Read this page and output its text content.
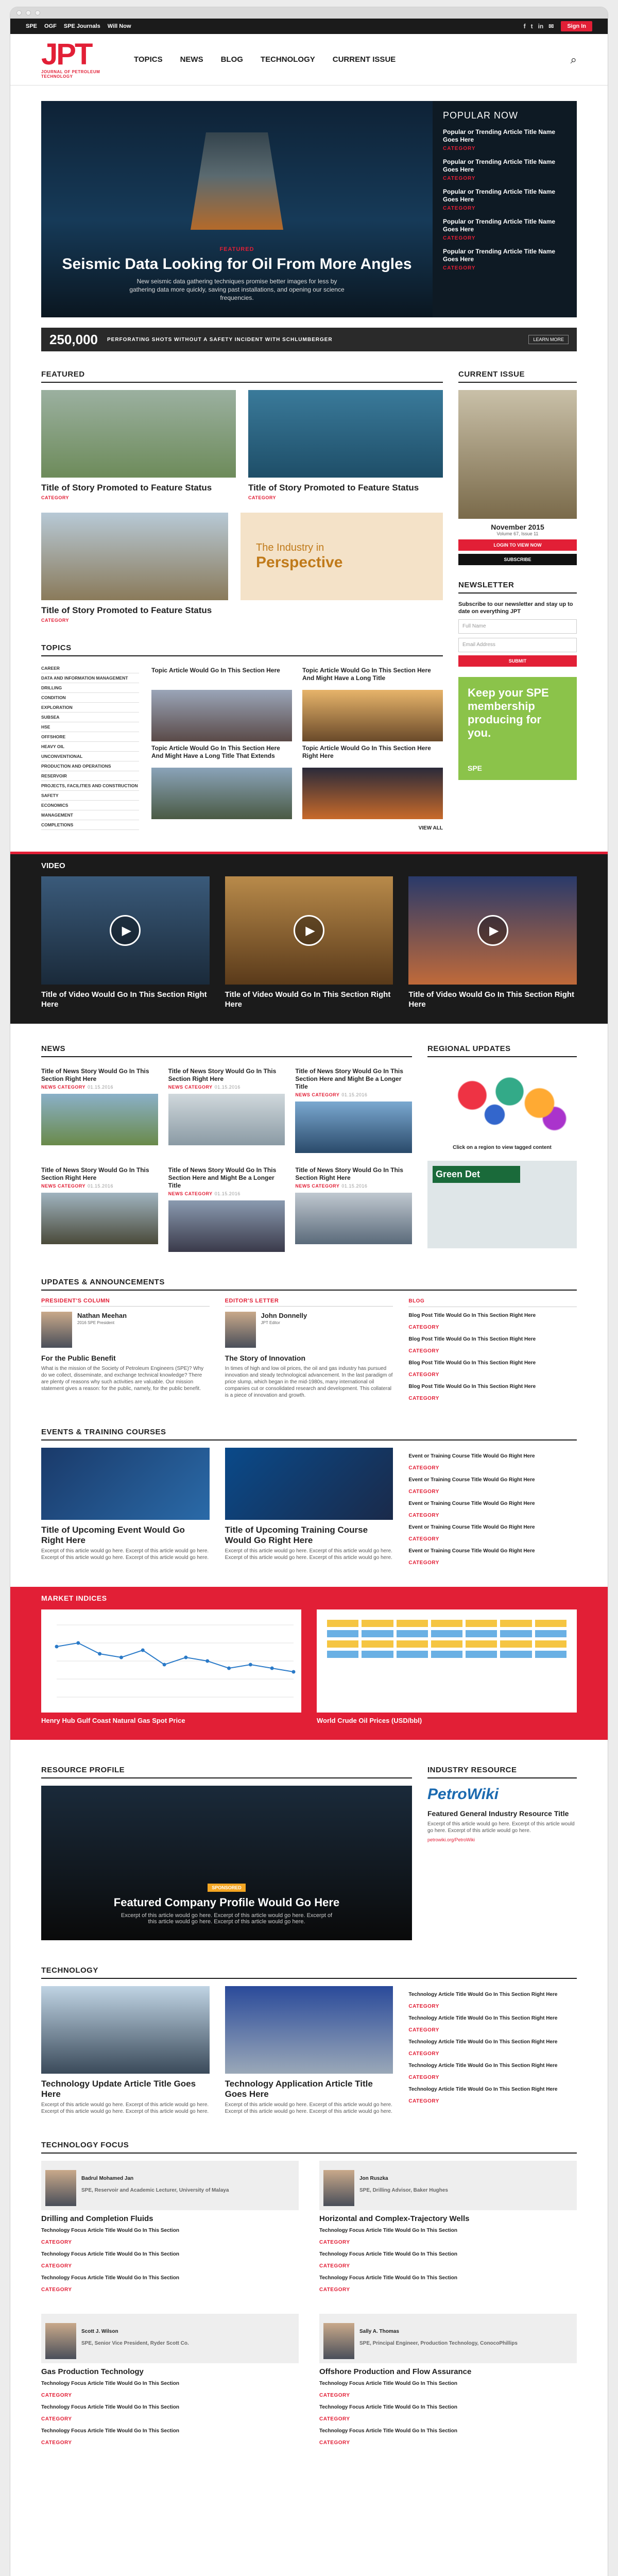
SPE OGF SPE Journals Will Now	f t in ✉	Sign In
JPT
JOURNAL OF PETROLEUM TECHNOLOGY
TOPICS NEWS BLOG TECHNOLOGY CURRENT ISSUE	⌕
FEATURED
Seismic Data Looking for Oil From More Angles

New seismic data gathering techniques promise better images for less by gathering data more quickly, saving past installations, and opening our science frequencies.

POPULAR NOW
Popular or Trending Article Title Name Goes Here
CATEGORY
Popular or Trending Article Title Name Goes Here
CATEGORY
Popular or Trending Article Title Name Goes Here
CATEGORY
Popular or Trending Article Title Name Goes Here
CATEGORY
Popular or Trending Article Title Name Goes Here
CATEGORY
250,000 PERFORATING SHOTS WITHOUT A SAFETY INCIDENT WITH SCHLUMBERGER	LEARN MORE
FEATURED
Title of Story Promoted to Feature Status
CATEGORY
Title of Story Promoted to Feature Status
CATEGORY
Title of Story Promoted to Feature Status
CATEGORY
The Industry in
Perspective
TOPICS
CAREER
DATA AND INFORMATION MANAGEMENT
DRILLING
CONDITION
EXPLORATION
SUBSEA
HSE
OFFSHORE
HEAVY OIL
UNCONVENTIONAL
PRODUCTION AND OPERATIONS
RESERVOIR
PROJECTS, FACILITIES AND CONSTRUCTION
SAFETY
ECONOMICS
MANAGEMENT
COMPLETIONS
Topic Article Would Go In This Section Here	Topic Article Would Go In This Section Here And Might Have a Long Title
Topic Article Would Go In This Section Here And Might Have a Long Title That Extends
Topic Article Would Go In This Section Here Right Here
VIEW ALL
CURRENT ISSUE
November 2015
Volume 67, Issue 11
LOGIN TO VIEW NOW
SUBSCRIBE
NEWSLETTER
Subscribe to our newsletter and stay up to date on everything JPT
Full Name
Email Address
SUBMIT
Keep your SPE membership producing for you.
SPE
VIDEO
▶
Title of Video Would Go In This Section Right Here
▶
Title of Video Would Go In This Section Right Here
▶
Title of Video Would Go In This Section Right Here
NEWS
Title of News Story Would Go In This Section Right Here
NEWS CATEGORY 01.15.2016
Title of News Story Would Go In This Section Right Here
NEWS CATEGORY 01.15.2016
Title of News Story Would Go In This Section Here and Might Be a Longer Title
NEWS CATEGORY 01.15.2016
Title of News Story Would Go In This Section Right Here
NEWS CATEGORY 01.15.2016
Title of News Story Would Go In This Section Here and Might Be a Longer Title
NEWS CATEGORY 01.15.2016
Title of News Story Would Go In This Section Right Here
NEWS CATEGORY 01.15.2016
REGIONAL UPDATES
Click on a region to view tagged content
Green Det
UPDATES & ANNOUNCEMENTS
PRESIDENT'S COLUMN
Nathan Meehan
2016 SPE President
For the Public Benefit
What is the mission of the Society of Petroleum Engineers (SPE)? Why do we collect, disseminate, and exchange technical knowledge? There are plenty of reasons why such activities are valuable. Our mission statement gives a reason: for the public, namely, for the public benefit.
EDITOR'S LETTER
John Donnelly
JPT Editor
The Story of Innovation
In times of high and low oil prices, the oil and gas industry has pursued innovation and steady technological advancement. In the last paradigm of price slump, which began in the mid-1980s, many international oil companies cut or consolidated research and development. This collateral is a piece of innovation and growth.
BLOG
Blog Post Title Would Go In This Section Right Here
CATEGORY
Blog Post Title Would Go In This Section Right Here
CATEGORY
Blog Post Title Would Go In This Section Right Here
CATEGORY
Blog Post Title Would Go In This Section Right Here
CATEGORY
EVENTS & TRAINING COURSES
Title of Upcoming Event Would Go Right Here
Excerpt of this article would go here. Excerpt of this article would go here. Excerpt of this article would go here. Excerpt of this article would go here.
Title of Upcoming Training Course Would Go Right Here
Excerpt of this article would go here. Excerpt of this article would go here. Excerpt of this article would go here. Excerpt of this article would go here.
Event or Training Course Title Would Go Right Here
CATEGORY
Event or Training Course Title Would Go Right Here
CATEGORY
Event or Training Course Title Would Go Right Here
CATEGORY
Event or Training Course Title Would Go Right Here
CATEGORY
Event or Training Course Title Would Go Right Here
CATEGORY
MARKET INDICES
Henry Hub Gulf Coast Natural Gas Spot Price	World Crude Oil Prices (USD/bbl)
RESOURCE PROFILE
SPONSORED
Featured Company Profile Would Go Here
Excerpt of this article would go here. Excerpt of this article would go here. Excerpt of this article would go here. Excerpt of this article would go here.
INDUSTRY RESOURCE
PetroWiki
Featured General Industry Resource Title
Excerpt of this article would go here. Excerpt of this article would go here. Excerpt of this article would go here.
petrowiki.org/PetroWiki
TECHNOLOGY
Technology Update Article Title Goes Here
Excerpt of this article would go here. Excerpt of this article would go here. Excerpt of this article would go here. Excerpt of this article would go here.
Technology Application Article Title Goes Here
Excerpt of this article would go here. Excerpt of this article would go here. Excerpt of this article would go here. Excerpt of this article would go here.
Technology Article Title Would Go In This Section Right Here
CATEGORY
Technology Article Title Would Go In This Section Right Here
CATEGORY
Technology Article Title Would Go In This Section Right Here
CATEGORY
Technology Article Title Would Go In This Section Right Here
CATEGORY
Technology Article Title Would Go In This Section Right Here
CATEGORY
TECHNOLOGY FOCUS
Badrul Mohamed Jan
SPE, Reservoir and Academic Lecturer, University of Malaya
Drilling and Completion Fluids
Technology Focus Article Title Would Go In This Section
CATEGORY
Technology Focus Article Title Would Go In This Section
CATEGORY
Technology Focus Article Title Would Go In This Section
CATEGORY
Jon Ruszka
SPE, Drilling Advisor, Baker Hughes
Horizontal and Complex-Trajectory Wells
Technology Focus Article Title Would Go In This Section
CATEGORY
Technology Focus Article Title Would Go In This Section
CATEGORY
Technology Focus Article Title Would Go In This Section
CATEGORY
Scott J. Wilson
SPE, Senior Vice President, Ryder Scott Co.
Gas Production Technology
Technology Focus Article Title Would Go In This Section
CATEGORY
Technology Focus Article Title Would Go In This Section
CATEGORY
Technology Focus Article Title Would Go In This Section
CATEGORY
Sally A. Thomas
SPE, Principal Engineer, Production Technology, ConocoPhillips
Offshore Production and Flow Assurance
Technology Focus Article Title Would Go In This Section
CATEGORY
Technology Focus Article Title Would Go In This Section
CATEGORY
Technology Focus Article Title Would Go In This Section
CATEGORY
